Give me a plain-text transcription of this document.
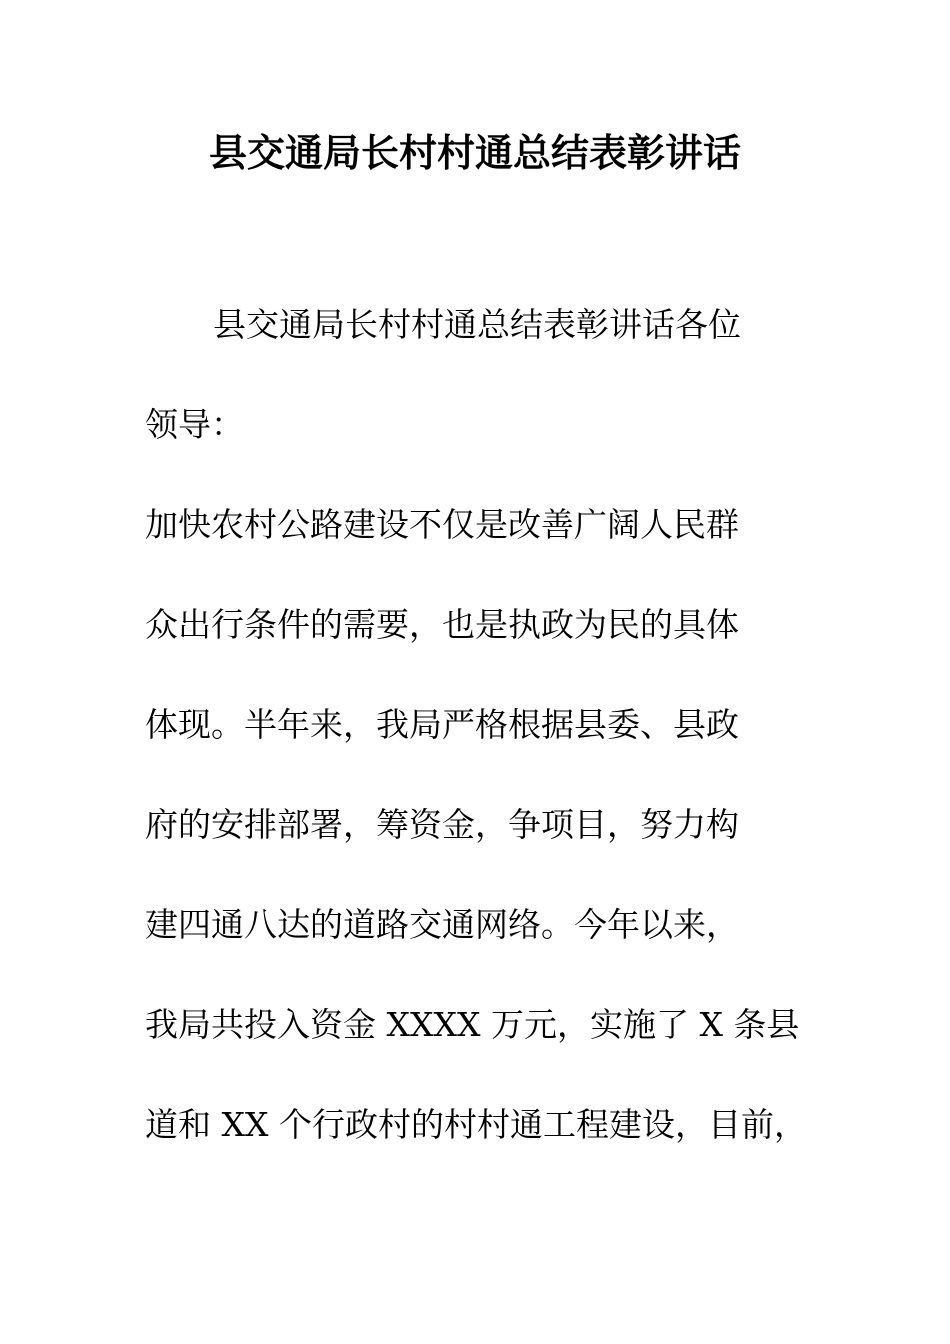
县交通局长村村通总结表彰讲话
县交通局长村村通总结表彰讲话各位
领导：
加快农村公路建设不仅是改善广阔人民群
众出行条件的需要，也是执政为民的具体
体现。半年来，我局严格根据县委、县政
府的安排部署，筹资金，争项目，努力构
建四通八达的道路交通网络。今年以来，
我局共投入资金 XXXX 万元，实施了 X 条县
道和 XX 个行政村的村村通工程建设，目前，
